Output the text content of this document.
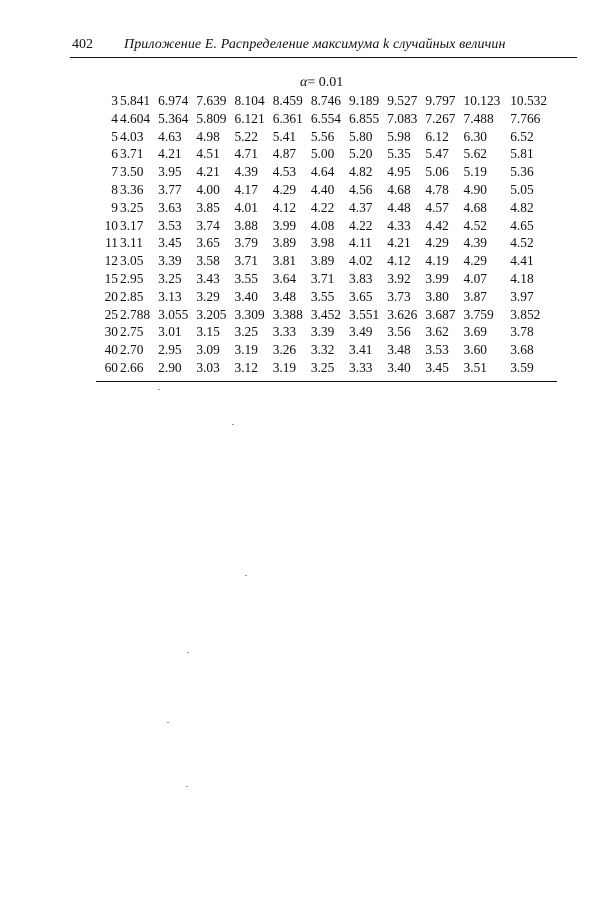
402 Приложение E. Распределение максимума k случайных величин
α= 0.01
3	5.841	6.974	7.639	8.104	8.459	8.746	9.189	9.527	9.797	10.123	10.532
4	4.604	5.364	5.809	6.121	6.361	6.554	6.855	7.083	7.267	7.488	7.766
5	4.03	4.63	4.98	5.22	5.41	5.56	5.80	5.98	6.12	6.30	6.52
6	3.71	4.21	4.51	4.71	4.87	5.00	5.20	5.35	5.47	5.62	5.81
7	3.50	3.95	4.21	4.39	4.53	4.64	4.82	4.95	5.06	5.19	5.36
8	3.36	3.77	4.00	4.17	4.29	4.40	4.56	4.68	4.78	4.90	5.05
9	3.25	3.63	3.85	4.01	4.12	4.22	4.37	4.48	4.57	4.68	4.82
10	3.17	3.53	3.74	3.88	3.99	4.08	4.22	4.33	4.42	4.52	4.65
11	3.11	3.45	3.65	3.79	3.89	3.98	4.11	4.21	4.29	4.39	4.52
12	3.05	3.39	3.58	3.71	3.81	3.89	4.02	4.12	4.19	4.29	4.41
15	2.95	3.25	3.43	3.55	3.64	3.71	3.83	3.92	3.99	4.07	4.18
20	2.85	3.13	3.29	3.40	3.48	3.55	3.65	3.73	3.80	3.87	3.97
25	2.788	3.055	3.205	3.309	3.388	3.452	3.551	3.626	3.687	3.759	3.852
30	2.75	3.01	3.15	3.25	3.33	3.39	3.49	3.56	3.62	3.69	3.78
40	2.70	2.95	3.09	3.19	3.26	3.32	3.41	3.48	3.53	3.60	3.68
60	2.66	2.90	3.03	3.12	3.19	3.25	3.33	3.40	3.45	3.51	3.59
